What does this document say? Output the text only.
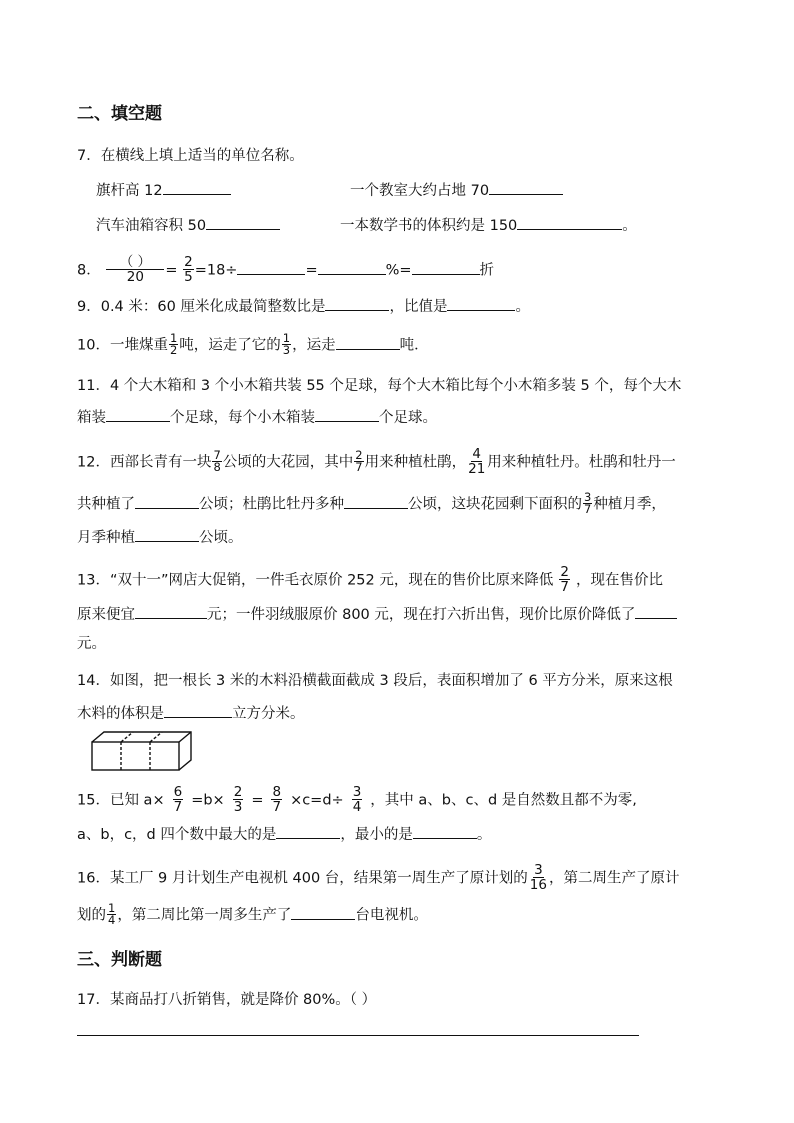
二、填空题
7．在横线上填上适当的单位名称。
旗杆高 12	一个教室大约占地 70
汽车油箱容积 50	一本数学书的体积约是 150	。
8． $\frac{( )}{20} = \frac{2}{5} =18\div$	=	%=	折
9．0.4 米：60 厘米化成最简整数比是	，比值是	。
10．一堆煤重 $\frac{1}{2}$ 吨，运走了它的 $\frac{1}{3}$ ，运走	吨．
11．4 个大木箱和 3 个小木箱共装 55 个足球，每个大木箱比每个小木箱多装 5 个，每个大木
箱装	个足球，每个小木箱装	个足球。
12．西部长青有一块 $\frac{7}{8}$ 公顷的大花园，其中 $\frac{2}{7}$ 用来种植杜鹃， $\frac{4}{21}$ 用来种植牡丹。杜鹃和牡丹一
共种植了	公顷；杜鹃比牡丹多种	公顷，这块花园剩下面积的 $\frac{3}{7}$ 种植月季，
月季种植	公顷。
13．“双十一”网店大促销，一件毛衣原价 252 元，现在的售价比原来降低 $\frac{2}{7}$ ，现在售价比
原来便宜	元；一件羽绒服原价 800 元，现在打六折出售，现价比原价降低了
元。
14．如图，把一根长 3 米的木料沿横截面截成 3 段后，表面积增加了 6 平方分米，原来这根
木料的体积是	立方分米。
15．已知 $a\times \frac{6}{7} =b\times \frac{2}{3} = \frac{8}{7} \times c=d\div \frac{3}{4}$ ，其中 a、b、c、d 是自然数且都不为零,
a、b，c，d 四个数中最大的是	，最小的是	。
16．某工厂 9 月计划生产电视机 400 台，结果第一周生产了原计划的 $\frac{3}{16}$ ，第二周生产了原计
划的 $\frac{1}{4}$ ，第二周比第一周多生产了	台电视机。
三、判断题
17．某商品打八折销售，就是降价 80%。（ ）
